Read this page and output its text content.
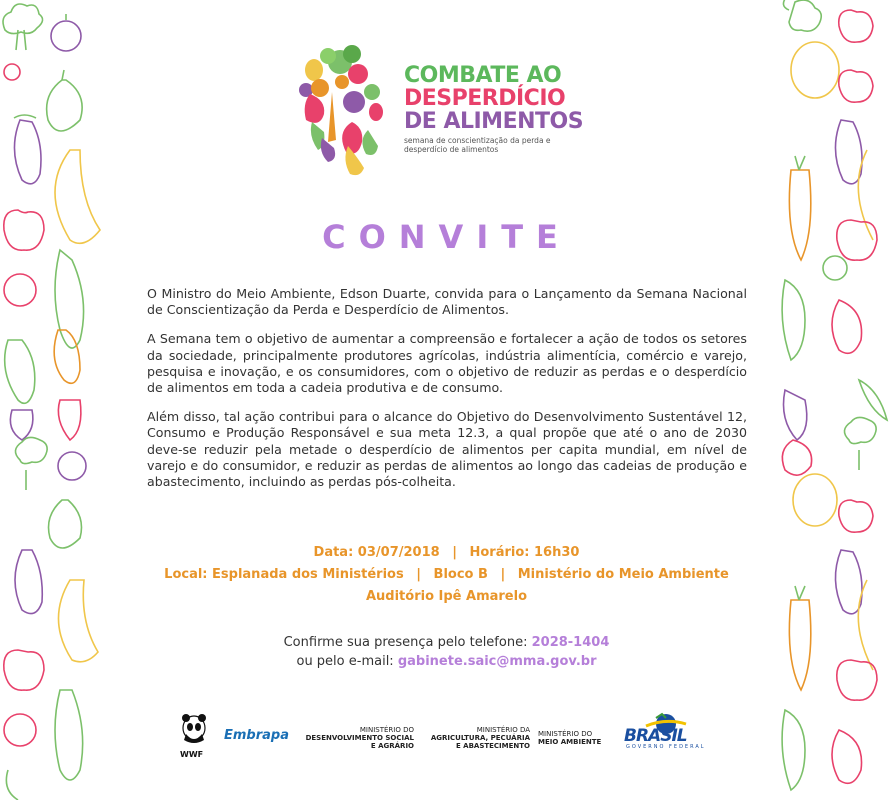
COMBATE AO
DESPERDÍCIO
DE ALIMENTOS
semana de conscientização da perda e desperdício de alimentos
CONVITE

O Ministro do Meio Ambiente, Edson Duarte, convida para o Lançamento da Semana Nacional de Conscientização da Perda e Desperdício de Alimentos.

A Semana tem o objetivo de aumentar a compreensão e fortalecer a ação de todos os setores da sociedade, principalmente produtores agrícolas, indústria alimentícia, comércio e varejo, pesquisa e inovação, e os consumidores, com o objetivo de reduzir as perdas e o desperdício de alimentos em toda a cadeia produtiva e de consumo.

Além disso, tal ação contribui para o alcance do Objetivo do Desenvolvimento Sustentável 12, Consumo e Produção Responsável e sua meta 12.3, a qual propõe que até o ano de 2030 deve-se reduzir pela metade o desperdício de alimentos per capita mundial, em nível de varejo e do consumidor, e reduzir as perdas de alimentos ao longo das cadeias de produção e abastecimento, incluindo as perdas pós-colheita.

Data: 03/07/2018 | Horário: 16h30
Local: Esplanada dos Ministérios | Bloco B | Ministério do Meio Ambiente
Auditório Ipê Amarelo
Confirme sua presença pelo telefone: 2028-1404
ou pelo e-mail: gabinete.saic@mma.gov.br
WWF
Embrapa	MINISTÉRIO DO
DESENVOLVIMENTO SOCIAL
E AGRÁRIO
MINISTÉRIO DA
AGRICULTURA, PECUÁRIA
E ABASTECIMENTO
MINISTÉRIO DO
MEIO AMBIENTE BRASIL
GOVERNO FEDERAL
